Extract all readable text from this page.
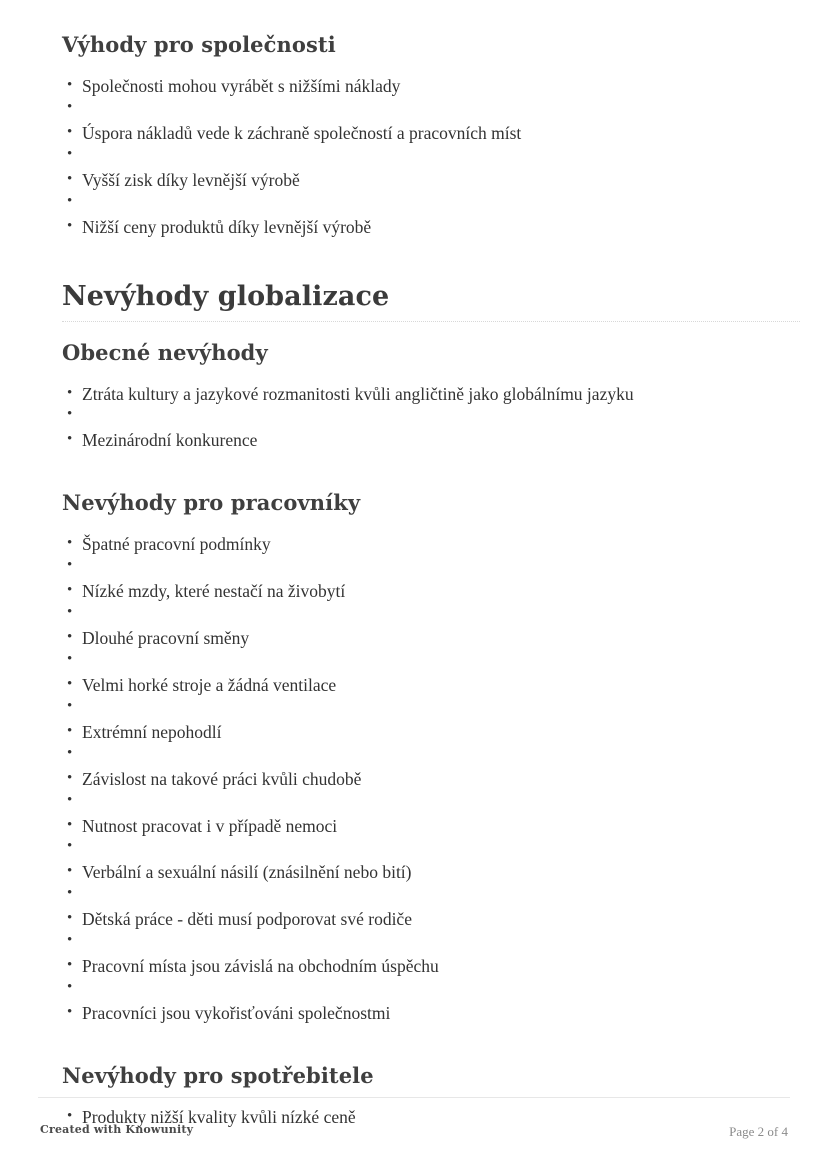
Výhody pro společnosti
• Společnosti mohou vyrábět s nižšími náklady
•
• Úspora nákladů vede k záchraně společností a pracovních míst
•
• Vyšší zisk díky levnější výrobě
•
• Nižší ceny produktů díky levnější výrobě
Nevýhody globalizace
Obecné nevýhody
• Ztráta kultury a jazykové rozmanitosti kvůli angličtině jako globálnímu jazyku
•
• Mezinárodní konkurence
Nevýhody pro pracovníky
• Špatné pracovní podmínky
•
• Nízké mzdy, které nestačí na živobytí
•
• Dlouhé pracovní směny
•
• Velmi horké stroje a žádná ventilace
•
• Extrémní nepohodlí
•
• Závislost na takové práci kvůli chudobě
•
• Nutnost pracovat i v případě nemoci
•
• Verbální a sexuální násilí (znásilnění nebo bití)
•
• Dětská práce - děti musí podporovat své rodiče
•
• Pracovní místa jsou závislá na obchodním úspěchu
•
• Pracovníci jsou vykořisťováni společnostmi
Nevýhody pro spotřebitele
• Produkty nižší kvality kvůli nízké ceně
Created with Knowunity	Page 2 of 4
